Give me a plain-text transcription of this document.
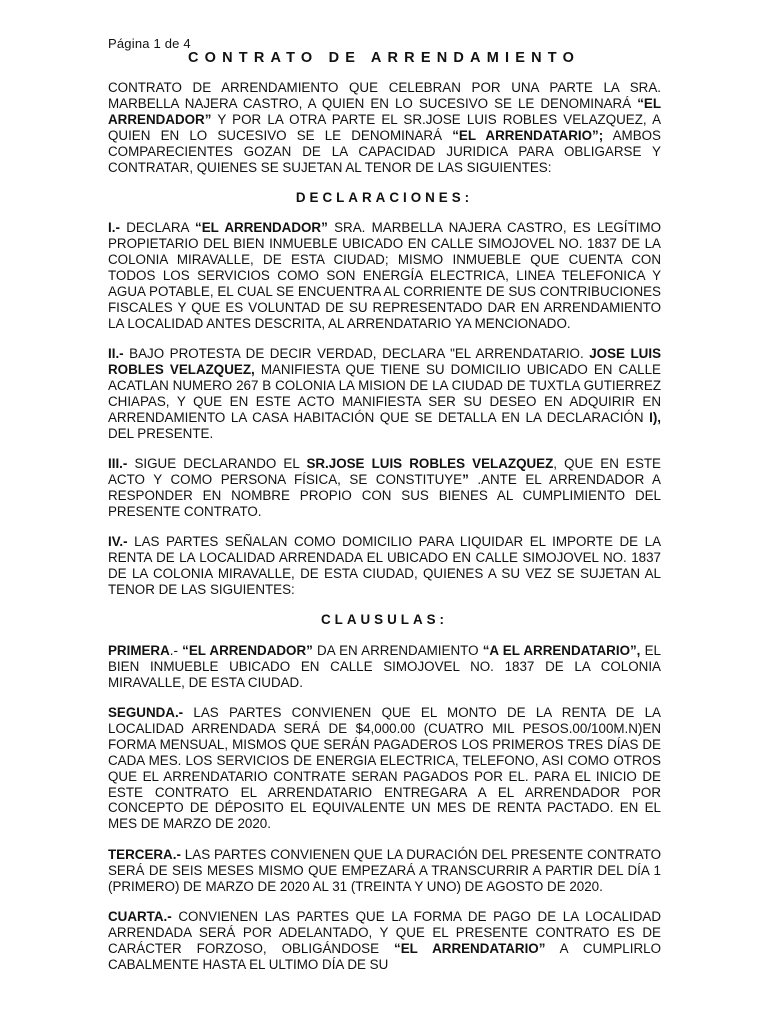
Página 1 de 4
CONTRATO DE ARRENDAMIENTO

CONTRATO DE ARRENDAMIENTO QUE CELEBRAN POR UNA PARTE LA SRA. MARBELLA NAJERA CASTRO, A QUIEN EN LO SUCESIVO SE LE DENOMINARÁ “EL ARRENDADOR” Y POR LA OTRA PARTE EL SR.JOSE LUIS ROBLES VELAZQUEZ, A QUIEN EN LO SUCESIVO SE LE DENOMINARÁ “EL ARRENDATARIO”; AMBOS COMPARECIENTES GOZAN DE LA CAPACIDAD JURIDICA PARA OBLIGARSE Y CONTRATAR, QUIENES SE SUJETAN AL TENOR DE LAS SIGUIENTES:

DECLARACIONES:

I.- DECLARA “EL ARRENDADOR” SRA. MARBELLA NAJERA CASTRO, ES LEGÍTIMO PROPIETARIO DEL BIEN INMUEBLE UBICADO EN CALLE SIMOJOVEL NO. 1837 DE LA COLONIA MIRAVALLE, DE ESTA CIUDAD; MISMO INMUEBLE QUE CUENTA CON TODOS LOS SERVICIOS COMO SON ENERGÍA ELECTRICA, LINEA TELEFONICA Y AGUA POTABLE, EL CUAL SE ENCUENTRA AL CORRIENTE DE SUS CONTRIBUCIONES FISCALES Y QUE ES VOLUNTAD DE SU REPRESENTADO DAR EN ARRENDAMIENTO LA LOCALIDAD ANTES DESCRITA, AL ARRENDATARIO YA MENCIONADO.

II.- BAJO PROTESTA DE DECIR VERDAD, DECLARA "EL ARRENDATARIO. JOSE LUIS ROBLES VELAZQUEZ, MANIFIESTA QUE TIENE SU DOMICILIO UBICADO EN CALLE ACATLAN NUMERO 267 B COLONIA LA MISION DE LA CIUDAD DE TUXTLA GUTIERREZ CHIAPAS, Y QUE EN ESTE ACTO MANIFIESTA SER SU DESEO EN ADQUIRIR EN ARRENDAMIENTO LA CASA HABITACIÓN QUE SE DETALLA EN LA DECLARACIÓN I), DEL PRESENTE.

III.- SIGUE DECLARANDO EL SR.JOSE LUIS ROBLES VELAZQUEZ, QUE EN ESTE ACTO Y COMO PERSONA FÍSICA, SE CONSTITUYE” .ANTE EL ARRENDADOR A RESPONDER EN NOMBRE PROPIO CON SUS BIENES AL CUMPLIMIENTO DEL PRESENTE CONTRATO.

IV.- LAS PARTES SEÑALAN COMO DOMICILIO PARA LIQUIDAR EL IMPORTE DE LA RENTA DE LA LOCALIDAD ARRENDADA EL UBICADO EN CALLE SIMOJOVEL NO. 1837 DE LA COLONIA MIRAVALLE, DE ESTA CIUDAD, QUIENES A SU VEZ SE SUJETAN AL TENOR DE LAS SIGUIENTES:

CLAUSULAS:

PRIMERA.- “EL ARRENDADOR” DA EN ARRENDAMIENTO “A EL ARRENDATARIO”, EL BIEN INMUEBLE UBICADO EN CALLE SIMOJOVEL NO. 1837 DE LA COLONIA MIRAVALLE, DE ESTA CIUDAD.

SEGUNDA.- LAS PARTES CONVIENEN QUE EL MONTO DE LA RENTA DE LA LOCALIDAD ARRENDADA SERÁ DE $4,000.00 (CUATRO MIL PESOS.00/100M.N)EN FORMA MENSUAL, MISMOS QUE SERÁN PAGADEROS LOS PRIMEROS TRES DÍAS DE CADA MES. LOS SERVICIOS DE ENERGIA ELECTRICA, TELEFONO, ASI COMO OTROS QUE EL ARRENDATARIO CONTRATE SERAN PAGADOS POR EL. PARA EL INICIO DE ESTE CONTRATO EL ARRENDATARIO ENTREGARA A EL ARRENDADOR POR CONCEPTO DE DÉPOSITO EL EQUIVALENTE UN MES DE RENTA PACTADO. EN EL MES DE MARZO DE 2020.

TERCERA.- LAS PARTES CONVIENEN QUE LA DURACIÓN DEL PRESENTE CONTRATO SERÁ DE SEIS MESES MISMO QUE EMPEZARÁ A TRANSCURRIR A PARTIR DEL DÍA 1 (PRIMERO) DE MARZO DE 2020 AL 31 (TREINTA Y UNO) DE AGOSTO DE 2020.

CUARTA.- CONVIENEN LAS PARTES QUE LA FORMA DE PAGO DE LA LOCALIDAD ARRENDADA SERÁ POR ADELANTADO, Y QUE EL PRESENTE CONTRATO ES DE CARÁCTER FORZOSO, OBLIGÁNDOSE “EL ARRENDATARIO” A CUMPLIRLO CABALMENTE HASTA EL ULTIMO DÍA DE SU
